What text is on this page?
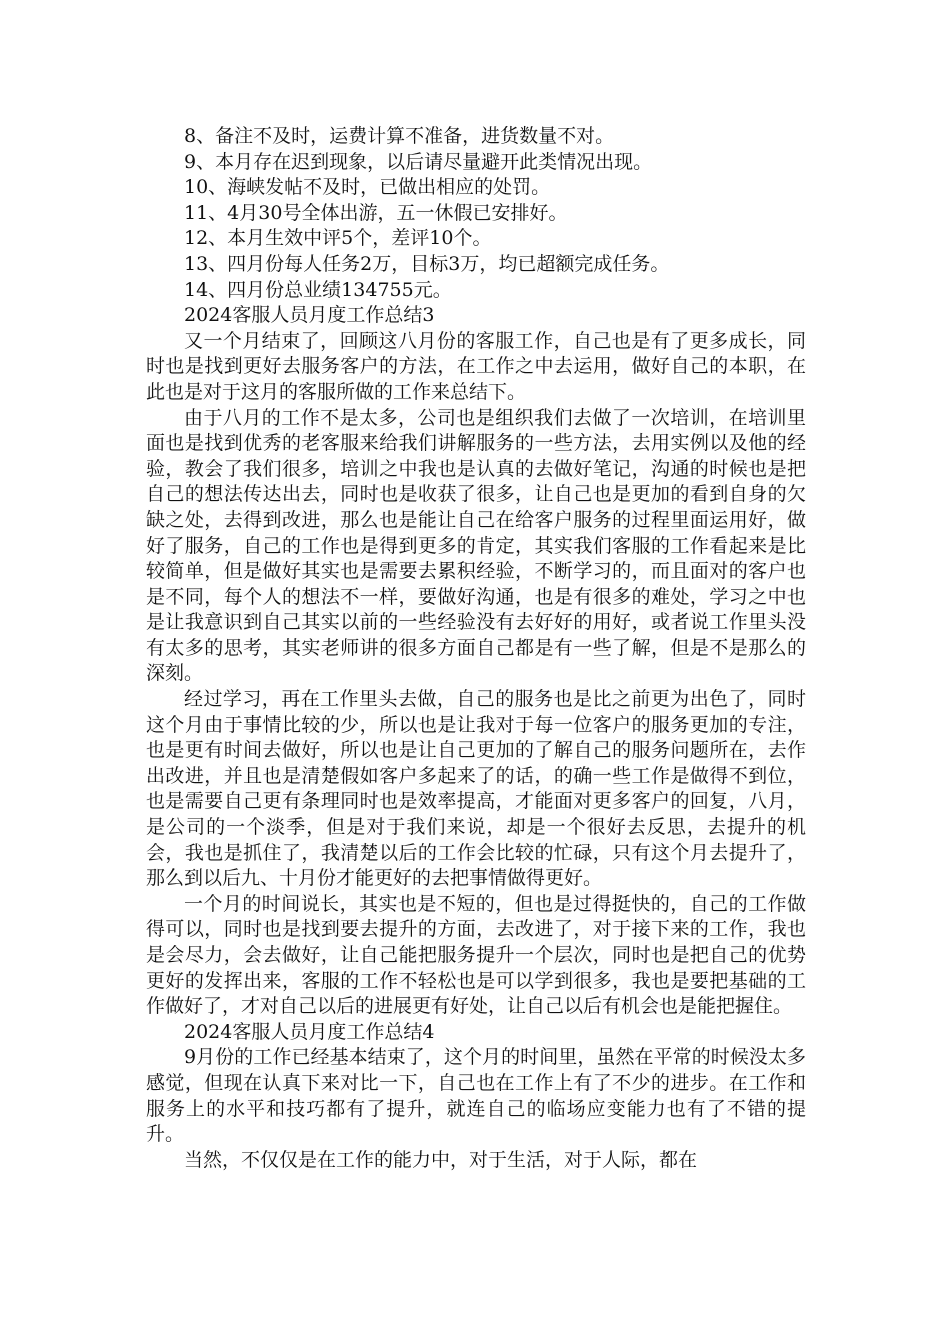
8、备注不及时，运费计算不准备，进货数量不对。

9、本月存在迟到现象，以后请尽量避开此类情况出现。

10、海峡发帖不及时，已做出相应的处罚。

11、4月30号全体出游，五一休假已安排好。

12、本月生效中评5个，差评10个。

13、四月份每人任务2万，目标3万，均已超额完成任务。

14、四月份总业绩134755元。

2024客服人员月度工作总结3

又一个月结束了，回顾这八月份的客服工作，自己也是有了更多成长，同时也是找到更好去服务客户的方法，在工作之中去运用，做好自己的本职，在此也是对于这月的客服所做的工作来总结下。

由于八月的工作不是太多，公司也是组织我们去做了一次培训，在培训里面也是找到优秀的老客服来给我们讲解服务的一些方法，去用实例以及他的经验，教会了我们很多，培训之中我也是认真的去做好笔记，沟通的时候也是把自己的想法传达出去，同时也是收获了很多，让自己也是更加的看到自身的欠缺之处，去得到改进，那么也是能让自己在给客户服务的过程里面运用好，做好了服务，自己的工作也是得到更多的肯定，其实我们客服的工作看起来是比较简单，但是做好其实也是需要去累积经验，不断学习的，而且面对的客户也是不同，每个人的想法不一样，要做好沟通，也是有很多的难处，学习之中也是让我意识到自己其实以前的一些经验没有去好好的用好，或者说工作里头没有太多的思考，其实老师讲的很多方面自己都是有一些了解，但是不是那么的深刻。

经过学习，再在工作里头去做，自己的服务也是比之前更为出色了，同时这个月由于事情比较的少，所以也是让我对于每一位客户的服务更加的专注，也是更有时间去做好，所以也是让自己更加的了解自己的服务问题所在，去作出改进，并且也是清楚假如客户多起来了的话，的确一些工作是做得不到位，也是需要自己更有条理同时也是效率提高，才能面对更多客户的回复，八月，是公司的一个淡季，但是对于我们来说，却是一个很好去反思，去提升的机会，我也是抓住了，我清楚以后的工作会比较的忙碌，只有这个月去提升了，那么到以后九、十月份才能更好的去把事情做得更好。

一个月的时间说长，其实也是不短的，但也是过得挺快的，自己的工作做得可以，同时也是找到要去提升的方面，去改进了，对于接下来的工作，我也是会尽力，会去做好，让自己能把服务提升一个层次，同时也是把自己的优势更好的发挥出来，客服的工作不轻松也是可以学到很多，我也是要把基础的工作做好了，才对自己以后的进展更有好处，让自己以后有机会也是能把握住。

2024客服人员月度工作总结4

9月份的工作已经基本结束了，这个月的时间里，虽然在平常的时候没太多感觉，但现在认真下来对比一下，自己也在工作上有了不少的进步。在工作和服务上的水平和技巧都有了提升，就连自己的临场应变能力也有了不错的提升。

当然，不仅仅是在工作的能力中，对于生活，对于人际，都在
